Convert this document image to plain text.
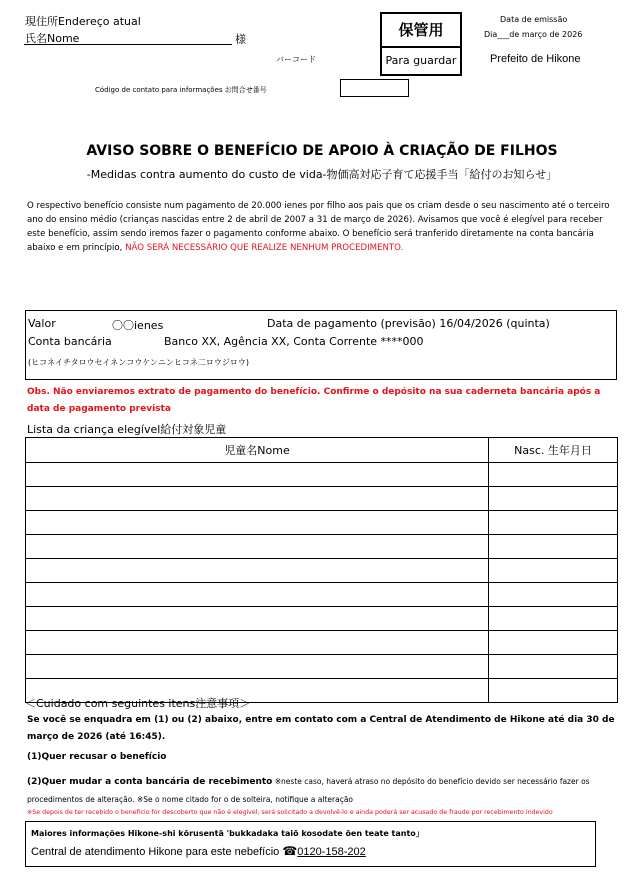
現住所Endereço atual
氏名Nome	様
バーコード
保管用
Para guardar
Data de emissão
Dia___de março de 2026
Prefeito de Hikone
Código de contato para informações お問合せ番号
AVISO SOBRE O BENEFÍCIO DE APOIO À CRIAÇÃO DE FILHOS
-Medidas contra aumento do custo de vida-物価高対応子育て応援手当「給付のお知らせ」
O respectivo benefício consiste num pagamento de 20.000 ienes por filho aos pais que os criam desde o seu nascimento até o terceiro ano do ensino médio (crianças nascidas entre 2 de abril de 2007 a 31 de março de 2026). Avisamos que você é elegível para receber este benefício, assim sendo iremos fazer o pagamento conforme abaixo. O benefício será tranferido diretamente na conta bancária abaixo e em princípio, NÃO SERÁ NECESSÁRIO QUE REALIZE NENHUM PROCEDIMENTO.
Valor	〇〇ienes	Data de pagamento (previsão) 16/04/2026 (quinta)
Conta bancária	Banco XX, Agência XX, Conta Corrente ****000
(ヒコネイチタロウセイネンコウケンニンヒコネ二ロウジロウ)
Obs. Não enviaremos extrato de pagamento do benefício. Confirme o depósito na sua caderneta bancária após a data de pagamento prevista
Lista da criança elegível給付対象児童
児童名Nome	Nasc. 生年月日

＜Cuidado com seguintes itens注意事項＞
Se você se enquadra em (1) ou (2) abaixo, entre em contato com a Central de Atendimento de Hikone até dia 30 de março de 2026 (até 16:45).
(1)Quer recusar o benefício
(2)Quer mudar a conta bancária de recebimento ※neste caso, haverá atraso no depósito do benefício devido ser necessário fazer os procedimentos de alteração. ※Se o nome citado for o de solteira, notifique a alteração
※Se depois de ter recebido o benefício for descoberto que não é elegível, será solicitado a devolvê-lo e ainda poderá ser acusado de fraude por recebimento indevido
Maiores informações Hikone-shi kōrusentā 'bukkadaka taiō kosodate ōen teate tanto」
Central de atendimento Hikone para este nebefício ☎0120-158-202
